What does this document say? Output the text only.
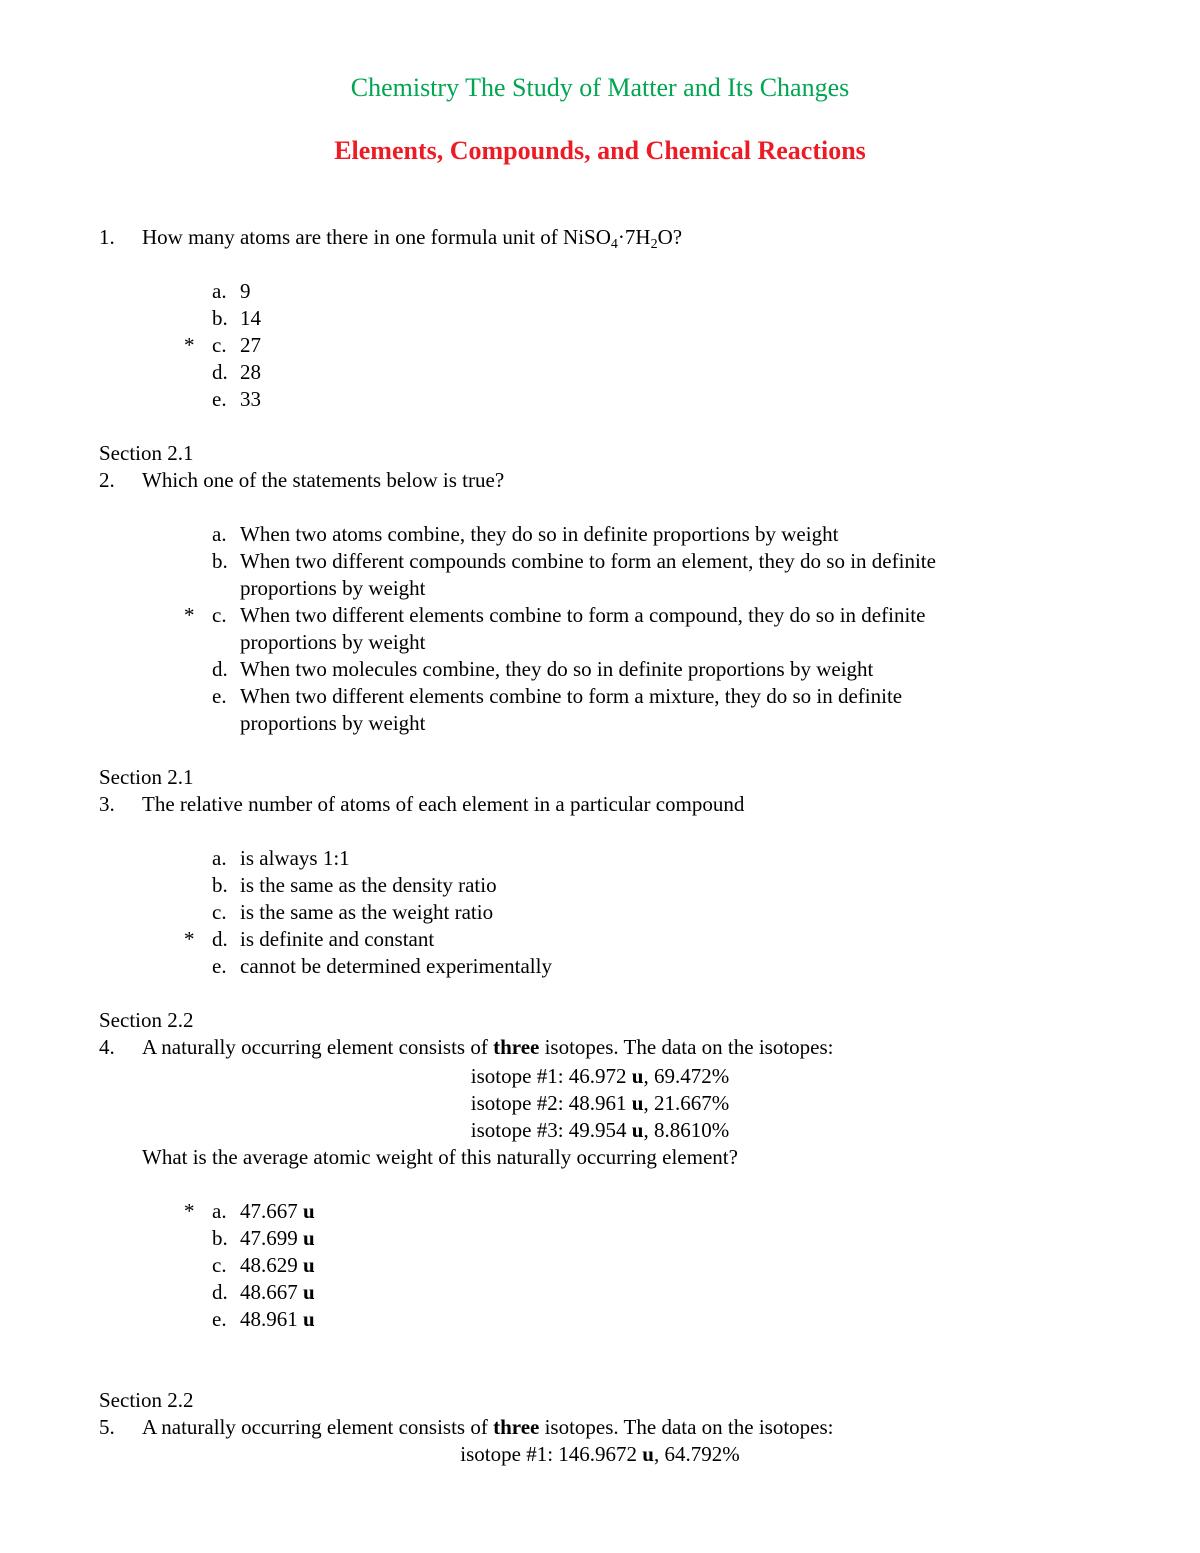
Chemistry The Study of Matter and Its Changes
Elements, Compounds, and Chemical Reactions
1. How many atoms are there in one formula unit of $NiSO_4\cdot 7H_2O$?
a. 9
b. 14
* c. 27
d. 28
e. 33
Section 2.1
2. Which one of the statements below is true?
a. When two atoms combine, they do so in definite proportions by weight
b. When two different compounds combine to form an element, they do so in definite
proportions by weight
* c. When two different elements combine to form a compound, they do so in definite
proportions by weight
d. When two molecules combine, they do so in definite proportions by weight
e. When two different elements combine to form a mixture, they do so in definite
proportions by weight
Section 2.1
3. The relative number of atoms of each element in a particular compound
a. is always 1:1
b. is the same as the density ratio
c. is the same as the weight ratio
* d. is definite and constant
e. cannot be determined experimentally
Section 2.2
4. A naturally occurring element consists of three isotopes. The data on the isotopes:
isotope #1: 46.972 u, 69.472%
isotope #2: 48.961 u, 21.667%
isotope #3: 49.954 u, 8.8610%
What is the average atomic weight of this naturally occurring element?
* a. 47.667 u
b. 47.699 u
c. 48.629 u
d. 48.667 u
e. 48.961 u
Section 2.2
5. A naturally occurring element consists of three isotopes. The data on the isotopes:
isotope #1: 146.9672 u, 64.792%
